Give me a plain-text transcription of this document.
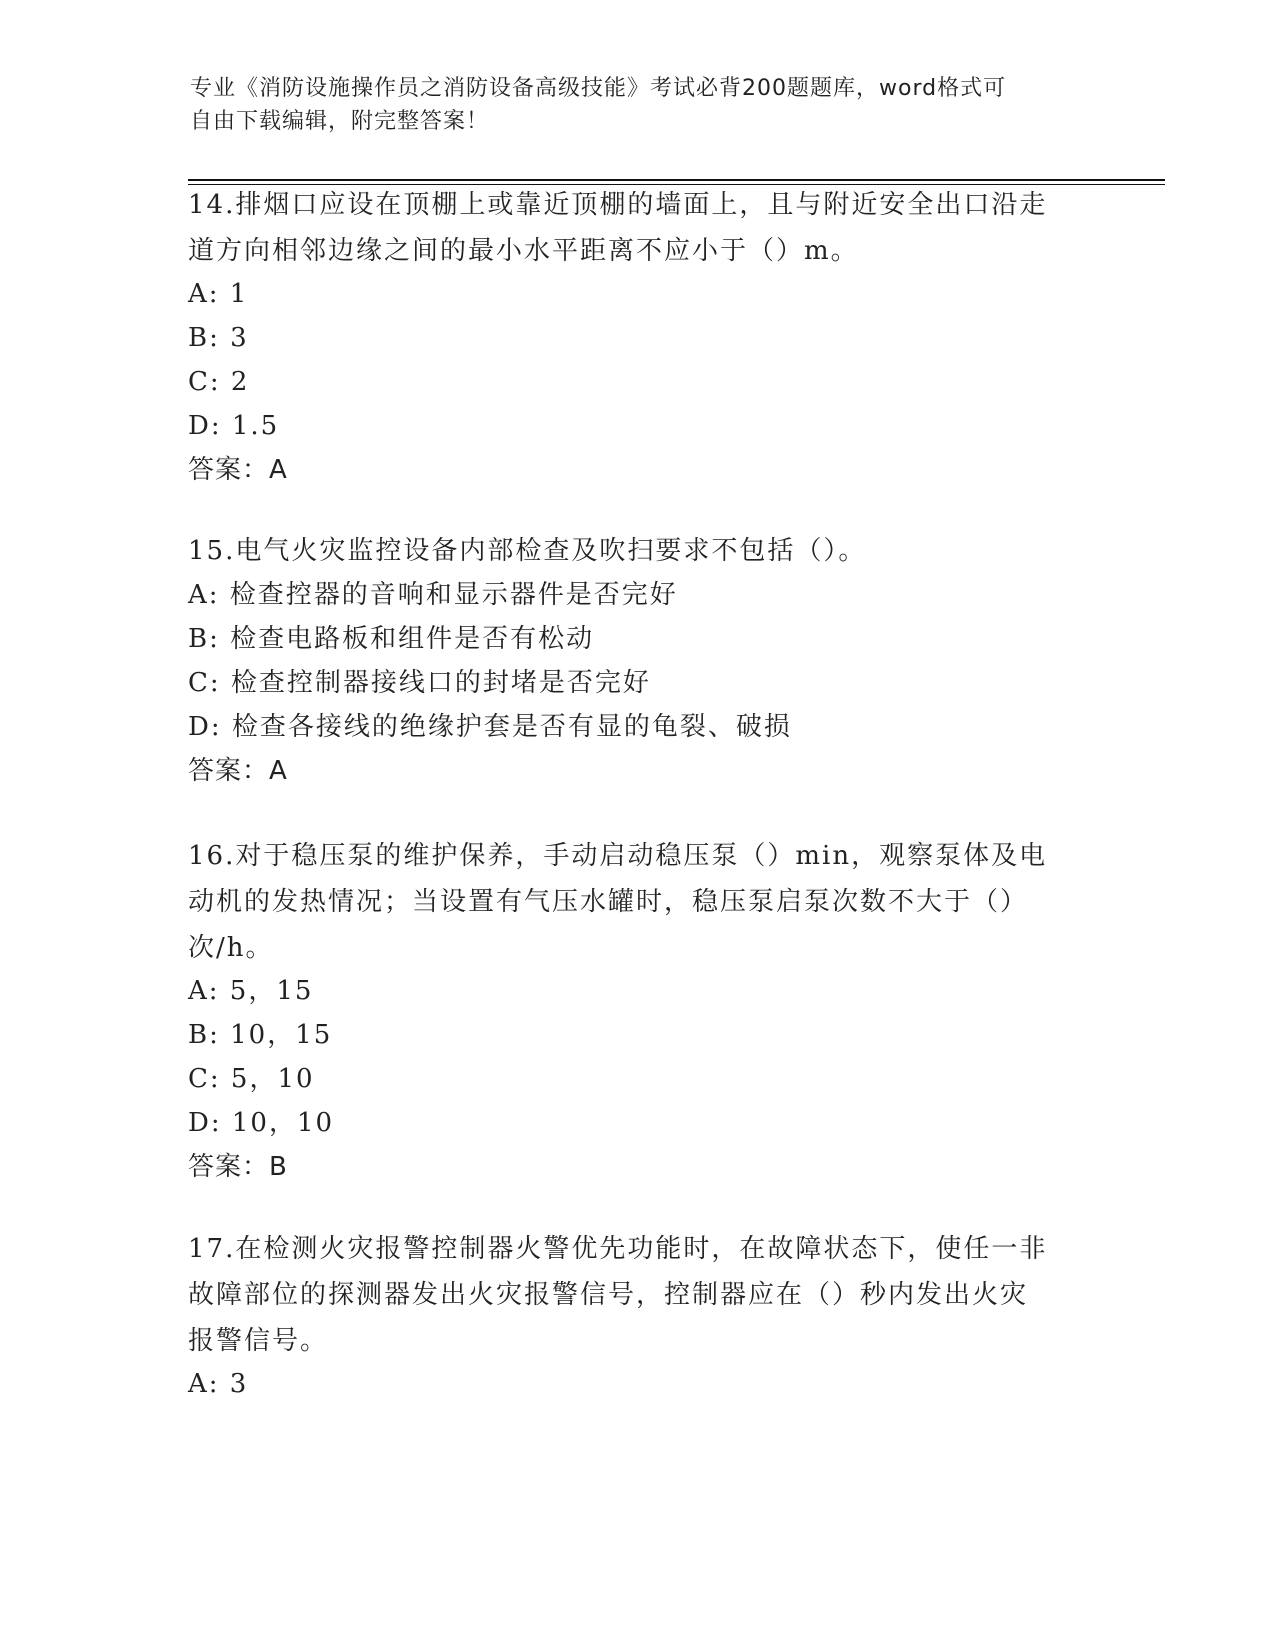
专业《消防设施操作员之消防设备高级技能》考试必背200题题库，word格式可
自由下载编辑，附完整答案！
14.排烟口应设在顶棚上或靠近顶棚的墙面上，且与附近安全出口沿走
道方向相邻边缘之间的最小水平距离不应小于（）m。

A: 1

B: 3

C: 2

D: 1.5

答案：A

15.电气火灾监控设备内部检查及吹扫要求不包括（）。

A: 检查控器的音响和显示器件是否完好

B: 检查电路板和组件是否有松动

C: 检查控制器接线口的封堵是否完好

D: 检查各接线的绝缘护套是否有显的龟裂、破损

答案：A

16.对于稳压泵的维护保养，手动启动稳压泵（）min，观察泵体及电
动机的发热情况；当设置有气压水罐时，稳压泵启泵次数不大于（）
次/h。

A: 5，15

B: 10，15

C: 5，10

D: 10，10

答案：B

17.在检测火灾报警控制器火警优先功能时，在故障状态下，使任一非
故障部位的探测器发出火灾报警信号，控制器应在（）秒内发出火灾
报警信号。

A: 3
